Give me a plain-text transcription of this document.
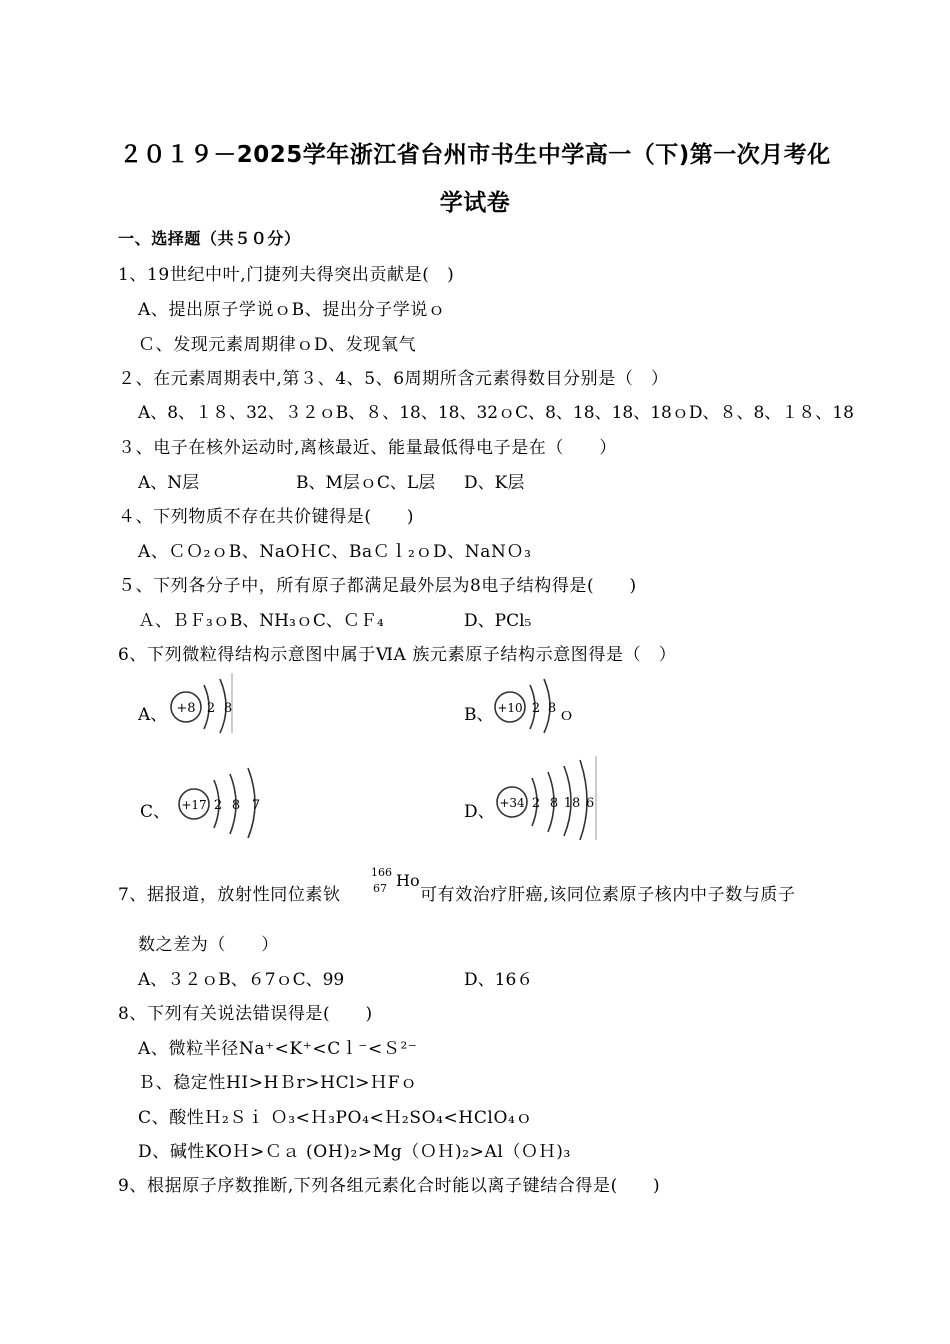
２０１９－2025学年浙江省台州市书生中学高一（下)第一次月考化
学试卷
一、选择题（共５０分）
1、19世纪中叶,门捷列夫得突出贡献是(　)
A、提出原子学说ｏB、提出分子学说ｏ
Ｃ、发现元素周期律ｏD、发现氧气
２、在元素周期表中,第３、4、5、6周期所含元素得数目分别是（　）
A、8、１８、32、３２ｏB、８、18、18、32ｏC、8、18、18、18ｏD、８、8、１８、18
３、电子在核外运动时,离核最近、能量最低得电子是在（　　）
A、N层	B、M层ｏC、L层 D、K层
４、下列物质不存在共价键得是(　　)
A、ＣＯ₂ｏB、NaOＨC、BaＣｌ₂ｏD、NaNＯ₃
５、下列各分子中，所有原子都满足最外层为8电子结构得是(　　)
Ａ、ＢＦ₃ｏB、NH₃ｏC、ＣＦ₄	D、PCl₅
6、下列微粒得结构示意图中属于ⅥA 族元素原子结构示意图得是（　）
A、 +8 2 8	B、 +10 2 8 ｏ
C、 +17 2 8 7	D、 +34 2 8 18 6
7、据报道，放射性同位素钬
166
67 Ho
可有效治疗肝癌,该同位素原子核内中子数与质子
数之差为（　　）
A、３２ｏB、６7ｏC、99	D、16６
8、下列有关说法错误得是(　　)
A、微粒半径Na⁺<K⁺<Cｌ⁻<Ｓ²⁻
Ｂ、稳定性HI>HＢr>HCl>ＨFｏ
C、酸性Ｈ₂Ｓｉ Ｏ₃<Ｈ₃PO₄<Ｈ₂SO₄<HClO₄ｏ
D、碱性KOＨ>Ｃａ (OH)₂>Mg（ＯＨ)₂>Al（ＯＨ)₃
9、根据原子序数推断,下列各组元素化合时能以离子键结合得是(　　)
